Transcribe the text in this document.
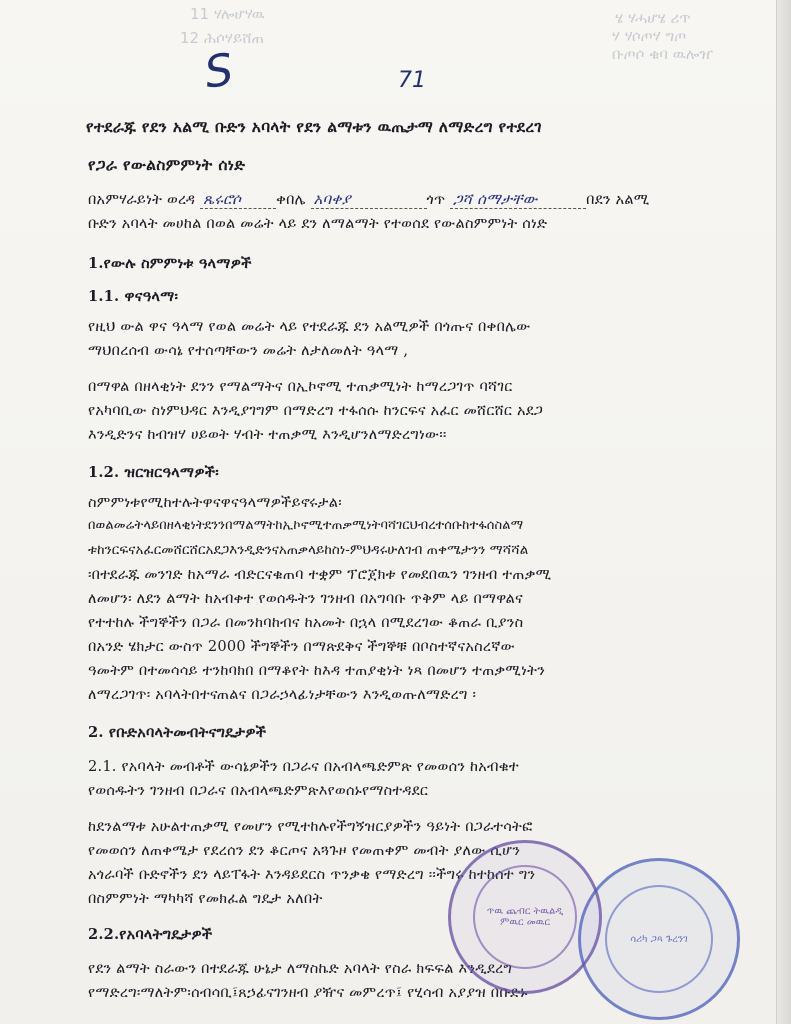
11 ሃሎሆሃዉ
12 ሕሶሃይሸጠ
ሄ ሃሓሆሄ ሪጥ
ሃ ሃሶጦሃ ግጦ
ቡጦሶ ቁባ ዉሎዠ
S	71
የተደራጁ የደን አልሚ ቡድን አባላት የደን ልማቱን ዉጤታማ ለማድረግ የተደረገ
የጋራ የውልስምምነት ሰነድ
በአምሃራይነት ወረዳ ጼሩሮሶ ቀበሌ አባቀያ	ጎጥ ጋሻ ሰማታቸው	በደን አልሚ
ቡድን አባላት መሀከል በወል መሬት ላይ ደን ለማልማት የተወሰደ የውልስምምነት ሰነድ
1.የውሉ ስምምነቱ ዓላማዎች
1.1. ዋናዓላማ፡
የዚህ ውል ዋና ዓላማ የወል መሬት ላይ የተደራጁ ደን አልሚዎች በጎጡና በቀበሌው
ማህበረሰብ ውሳኔ የተሰጣቸውን መሬት ለታለመለት ዓላማ ,
በማዋል በዘላቂነት ደንን የማልማትና በኢኮኖሚ ተጠቃሚነት ከማረጋገጥ ባሻገር
የአካባቢው ስነምህዳር እንዲያገግም በማድረግ ተፋሰሱ ከንርፍና አፈር መሸርሸር አደጋ
እንዲድንና ከብዝሃ ሀይወት ሃብት ተጠቃሚ እንዲሆንለማድረግነው፡፡
1.2. ዝርዝርዓላማዎች፡
ስምምነቱየሚከተሉትዋናዋናዓላማዎችይኖሩታል፡
በወልመሬትላይበዘላቂነትደንንበማልማትከኢኮኖሚተጠቃሚነትባሻገርህብረተሰቡከተፋሰስልማ
ቱከንርፍናአፈርመሸርሸርአደጋእንዲድንናአጠቃላይከስነ-ምህዳሩሁለገብ ጠቀሜታንን ማሻሻል
፡በተደራጁ መንገድ ከአማራ ብድርናቁጠባ ተቋም ፕሮጀክቱ የመደበዉን ገንዘብ ተጠቃሚ
ለመሆን፡ ለደን ልማት ከአብቀተ የወሰዱትን ገንዘብ በአግባቡ ጥቅም ላይ በማዋልና
የተተከሉ ችግኞችን በጋራ በመንከባከብና ከአመት በኋላ በሚደረገው ቆጠራ ቢያንስ
በአንድ ሄክታር ውስጥ 2000 ችግኞችን በማጽደቅና ችግኞቹ በቦስተኛናአስረኛው
ዓመትም በተመሳሳይ ተንከባክበ በማቆየት ከእዳ ተጠያቂነት ነጻ በመሆን ተጠቃሚነትን
ለማረጋገጥ፡ አባላትበተናጠልና በጋራኃላፊነታቸውን እንዲወጡለማድረግ ፡
2. የቡድአባላትመብትናግዴታዎች
2.1. የአባላት መብቶች ውሳኔዎችን በጋራና በአብላጫድምጽ የመወሰን ከአብቁተ
የወሰዱትን ገንዘብ በጋራና በአብላጫድምጽእየወሰኑየማስተዳደር
ከደንልማቱ አሁልተጠቃሚ የመሆን የሚተከሉየችግኝዝርያዎችን ዓይነት በጋራተሳትፎ
የመወሰን ለጠቀሜታ የደረሰን ደን ቆርጦና አጓጉዞ የመጠቀም መብት ያለው ሲሆን
አጎራባች ቡድኖችን ደን ላይፐፋት እንዳይደርስ ጥንቃቄ የማድረግ ፡፡ችግሩ ከተከሰተ ግን
በስምምነት ማካካሻ የመክፈል ግዴታ አለበት
2.2.የአባላትግዴታዎች
የደን ልማት ስራውን በተደራጁ ሁኔታ ለማስኬድ አባላት የስራ ክፍፍል እንዲደረግ
የማድረግ፡ማለትም፡ሰብሳቢ፤ጸኃፊናገንዘብ ያዥና መምረጥ፤ የሂሳብ አያያዝ በቡድኑ
ጥዉ ጨብር ትዉልዲ ምዉር መዉር
ሳሪካ ጋጻ ጉረንገ
